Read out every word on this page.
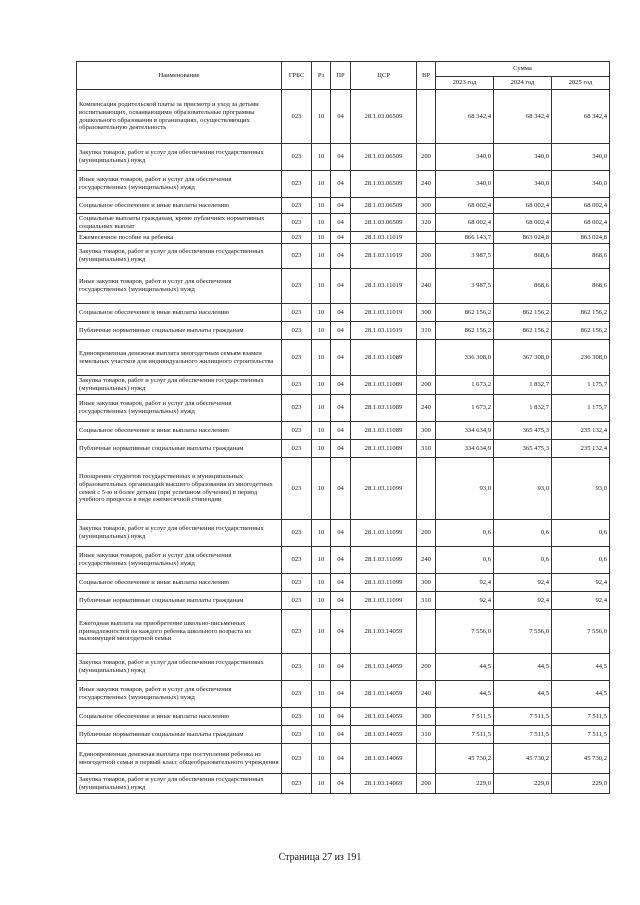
Наименование	ГРБС	Рз	ПР	ЦСР	ВР	Сумма		
						2023 год	2024 год	2025 год
Компенсация родительской платы за присмотр и уход за детьми воспитывающих, осваивающими образовательные программы дошкольного образования в организациях, осуществляющих образовательную деятельность	023	10	04	28.1.03.06509		68 342,4	68 342,4	68 342,4
Закупка товаров, работ и услуг для обеспечения государственных (муниципальных) нужд	023	10	04	28.1.03.06509	200	340,0	340,0	340,0
Иные закупки товаров, работ и услуг для обеспечения государственных (муниципальных) нужд	023	10	04	28.1.03.06509	240	340,0	340,0	340,0
Социальное обеспечение и иные выплаты населению	023	10	04	28.1.03.06509	300	68 002,4	68 002,4	68 002,4
Социальные выплаты гражданам, кроме публичных нормативных социальных выплат	023	10	04	28.1.03.06509	320	68 002,4	68 002,4	68 002,4
Ежемесячное пособие на ребенка	023	10	04	28.1.03.11019		866 143,7	863 024,8	863 024,8
Закупка товаров, работ и услуг для обеспечения государственных (муниципальных) нужд	023	10	04	28.1.03.11019	200	3 987,5	868,6	868,6
Иные закупки товаров, работ и услуг для обеспечения государственных (муниципальных) нужд	023	10	04	28.1.03.11019	240	3 987,5	868,6	868,6
Социальное обеспечение и иные выплаты населению	023	10	04	28.1.03.11019	300	862 156,2	862 156,2	862 156,2
Публичные нормативные социальные выплаты гражданам	023	10	04	28.1.03.11019	310	862 156,2	862 156,2	862 156,2
Единовременная денежная выплата многодетным семьям взамен земельных участков для индивидуального жилищного строительства	023	10	04	28.1.03.11089		336 308,0	367 308,0	236 308,0
Закупка товаров, работ и услуг для обеспечения государственных (муниципальных) нужд	023	10	04	28.1.03.11089	200	1 673,2	1 832,7	1 175,7
Иные закупки товаров, работ и услуг для обеспечения государственных (муниципальных) нужд	023	10	04	28.1.03.11089	240	1 673,2	1 832,7	1 175,7
Социальное обеспечение и иные выплаты населению	023	10	04	28.1.03.11089	300	334 634,9	365 475,3	235 132,4
Публичные нормативные социальные выплаты гражданам	023	10	04	28.1.03.11089	310	334 634,9	365 475,3	235 132,4
Поощрение студентов государственных и муниципальных образовательных организаций высшего образования из многодетных семей с 5-ю и более детьми (при успешном обучении) в период учебного процесса в виде ежемесячной стипендии	023	10	04	28.1.03.11099		93,0	93,0	93,0
Закупка товаров, работ и услуг для обеспечения государственных (муниципальных) нужд	023	10	04	28.1.03.11099	200	0,6	0,6	0,6
Иные закупки товаров, работ и услуг для обеспечения государственных (муниципальных) нужд	023	10	04	28.1.03.11099	240	0,6	0,6	0,6
Социальное обеспечение и иные выплаты населению	023	10	04	28.1.03.11099	300	92,4	92,4	92,4
Публичные нормативные социальные выплаты гражданам	023	10	04	28.1.03.11099	310	92,4	92,4	92,4
Ежегодная выплата на приобретение школьно-письменных принадлежностей на каждого ребенка школьного возраста из малоимущей многодетной семьи	023	10	04	28.1.03.14059		7 556,0	7 556,0	7 556,0
Закупка товаров, работ и услуг для обеспечения государственных (муниципальных) нужд	023	10	04	28.1.03.14059	200	44,5	44,5	44,5
Иные закупки товаров, работ и услуг для обеспечения государственных (муниципальных) нужд	023	10	04	28.1.03.14059	240	44,5	44,5	44,5
Социальное обеспечение и иные выплаты населению	023	10	04	28.1.03.14059	300	7 511,5	7 511,5	7 511,5
Публичные нормативные социальные выплаты гражданам	023	10	04	28.1.03.14059	310	7 511,5	7 511,5	7 511,5
Единовременная денежная выплата при поступлении ребенка из многодетной семьи в первый класс общеобразовательного учреждения	023	10	04	28.1.03.14069		45 730,2	45 730,2	45 730,2
Закупка товаров, работ и услуг для обеспечения государственных (муниципальных) нужд	023	10	04	28.1.03.14069	200	229,0	229,0	229,0
Страница 27 из 191
